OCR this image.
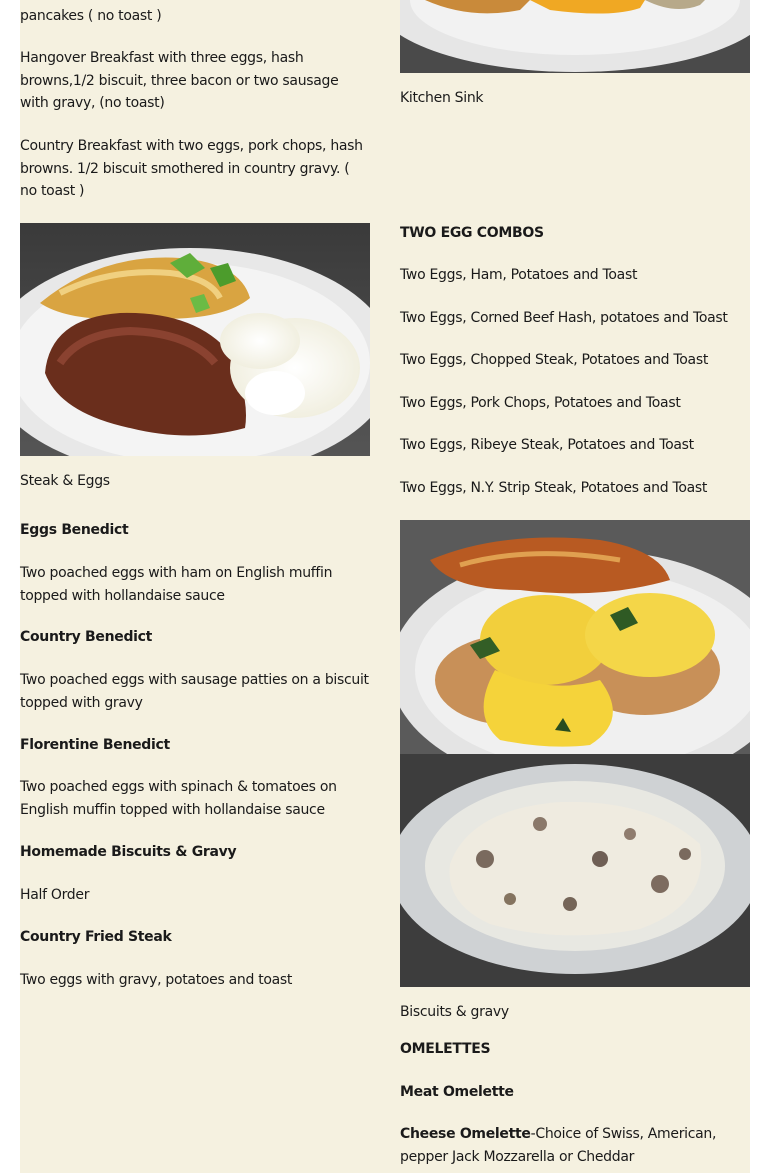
pancakes ( no toast )

Hangover Breakfast with three eggs, hash browns,1/2 biscuit, three bacon or two sausage with gravy, (no toast)

Country Breakfast with two eggs, pork chops, hash browns. 1/2 biscuit smothered in country gravy. ( no toast )

Steak & Eggs

Eggs Benedict

Two poached eggs with ham on English muffin topped with hollandaise sauce

Country Benedict

Two poached eggs with sausage patties on a biscuit topped with gravy

Florentine Benedict

Two poached eggs with spinach & tomatoes on English muffin topped with hollandaise sauce

Homemade Biscuits & Gravy

Half Order

Country Fried Steak

Two eggs with gravy, potatoes and toast

Kitchen Sink

TWO EGG COMBOS

Two Eggs, Ham, Potatoes and Toast

Two Eggs, Corned Beef Hash, potatoes and Toast

Two Eggs, Chopped Steak, Potatoes and Toast

Two Eggs, Pork Chops, Potatoes and Toast

Two Eggs, Ribeye Steak, Potatoes and Toast

Two Eggs, N.Y. Strip Steak, Potatoes and Toast

Biscuits & gravy

OMELETTES

Meat Omelette

Cheese Omelette-Choice of Swiss, American, pepper Jack Mozzarella or Cheddar
